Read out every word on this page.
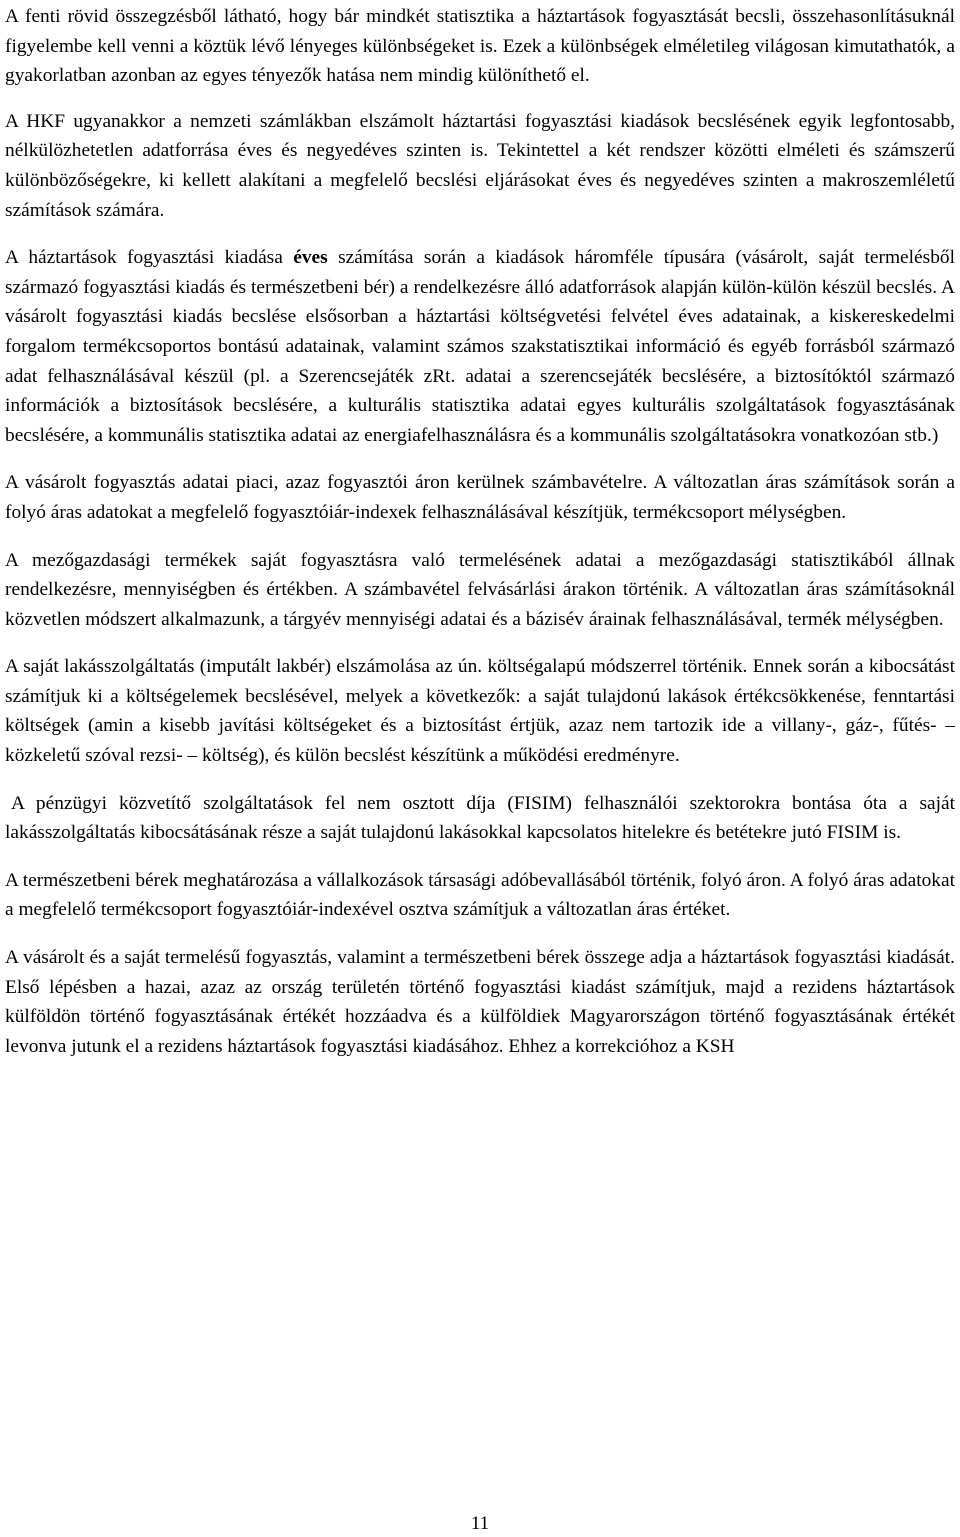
A fenti rövid összegzésből látható, hogy bár mindkét statisztika a háztartások fogyasztását becsli, összehasonlításuknál figyelembe kell venni a köztük lévő lényeges különbségeket is. Ezek a különbségek elméletileg világosan kimutathatók, a gyakorlatban azonban az egyes tényezők hatása nem mindig különíthető el.

A HKF ugyanakkor a nemzeti számlákban elszámolt háztartási fogyasztási kiadások becslésének egyik legfontosabb, nélkülözhetetlen adatforrása éves és negyedéves szinten is. Tekintettel a két rendszer közötti elméleti és számszerű különbözőségekre, ki kellett alakítani a megfelelő becslési eljárásokat éves és negyedéves szinten a makroszemléletű számítások számára.

A háztartások fogyasztási kiadása éves számítása során a kiadások háromféle típusára (vásárolt, saját termelésből származó fogyasztási kiadás és természetbeni bér) a rendelkezésre álló adatforrások alapján külön-külön készül becslés. A vásárolt fogyasztási kiadás becslése elsősorban a háztartási költségvetési felvétel éves adatainak, a kiskereskedelmi forgalom termékcsoportos bontású adatainak, valamint számos szakstatisztikai információ és egyéb forrásból származó adat felhasználásával készül (pl. a Szerencsejáték zRt. adatai a szerencsejáték becslésére, a biztosítóktól származó információk a biztosítások becslésére, a kulturális statisztika adatai egyes kulturális szolgáltatások fogyasztásának becslésére, a kommunális statisztika adatai az energiafelhasználásra és a kommunális szolgáltatásokra vonatkozóan stb.)

A vásárolt fogyasztás adatai piaci, azaz fogyasztói áron kerülnek számbavételre. A változatlan áras számítások során a folyó áras adatokat a megfelelő fogyasztóiár-indexek felhasználásával készítjük, termékcsoport mélységben.

A mezőgazdasági termékek saját fogyasztásra való termelésének adatai a mezőgazdasági statisztikából állnak rendelkezésre, mennyiségben és értékben. A számbavétel felvásárlási árakon történik. A változatlan áras számításoknál közvetlen módszert alkalmazunk, a tárgyév mennyiségi adatai és a bázisév árainak felhasználásával, termék mélységben.

A saját lakásszolgáltatás (imputált lakbér) elszámolása az ún. költségalapú módszerrel történik. Ennek során a kibocsátást számítjuk ki a költségelemek becslésével, melyek a következők: a saját tulajdonú lakások értékcsökkenése, fenntartási költségek (amin a kisebb javítási költségeket és a biztosítást értjük, azaz nem tartozik ide a villany-, gáz-, fűtés- – közkeletű szóval rezsi- – költség), és külön becslést készítünk a működési eredményre.

A pénzügyi közvetítő szolgáltatások fel nem osztott díja (FISIM) felhasználói szektorokra bontása óta a saját lakásszolgáltatás kibocsátásának része a saját tulajdonú lakásokkal kapcsolatos hitelekre és betétekre jutó FISIM is.

A természetbeni bérek meghatározása a vállalkozások társasági adóbevallásából történik, folyó áron. A folyó áras adatokat a megfelelő termékcsoport fogyasztóiár-indexével osztva számítjuk a változatlan áras értéket.

A vásárolt és a saját termelésű fogyasztás, valamint a természetbeni bérek összege adja a háztartások fogyasztási kiadását. Első lépésben a hazai, azaz az ország területén történő fogyasztási kiadást számítjuk, majd a rezidens háztartások külföldön történő fogyasztásának értékét hozzáadva és a külföldiek Magyarországon történő fogyasztásának értékét levonva jutunk el a rezidens háztartások fogyasztási kiadásához. Ehhez a korrekcióhoz a KSH

11
